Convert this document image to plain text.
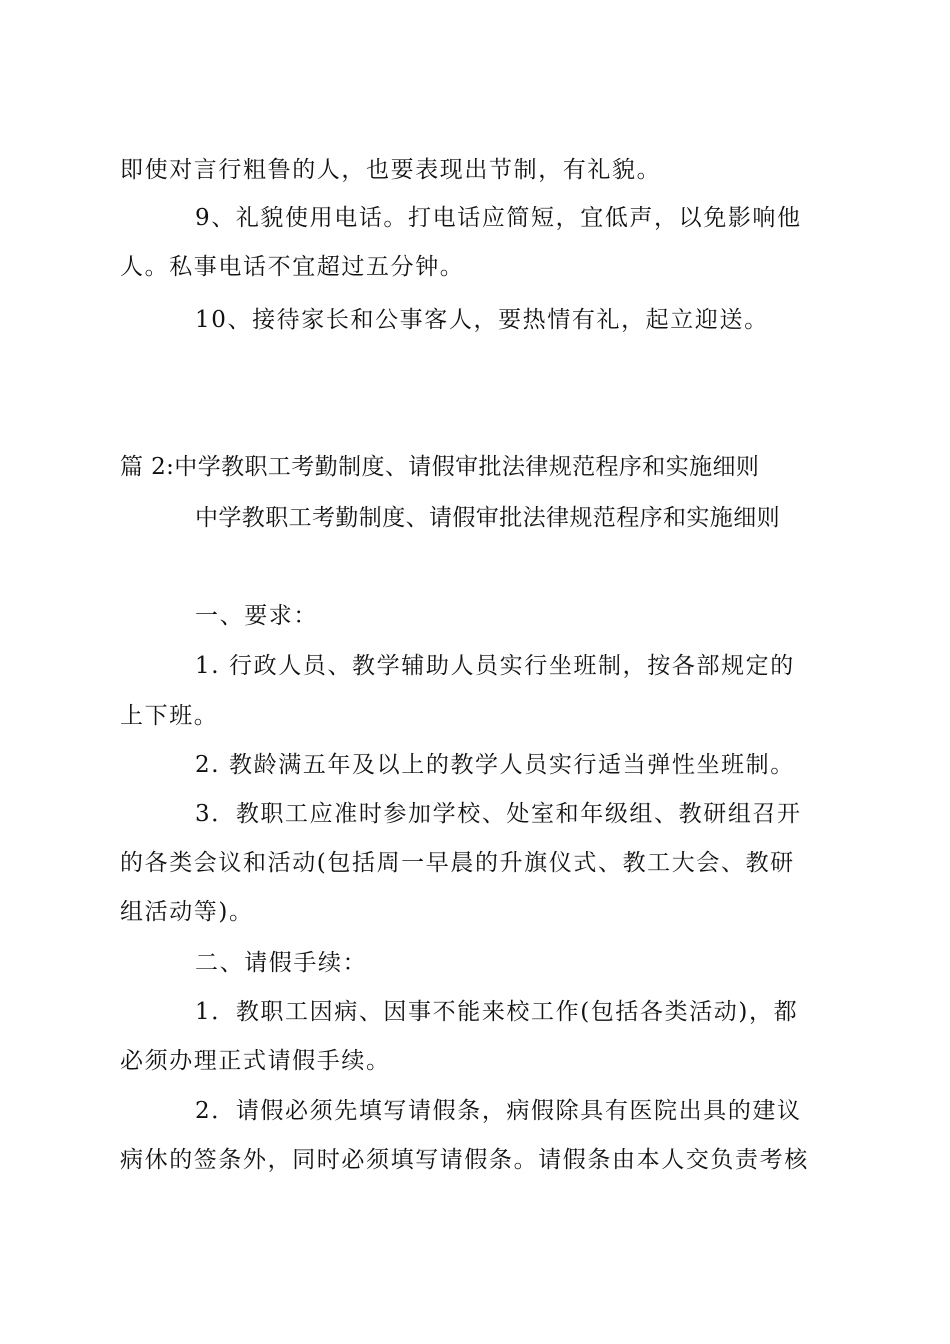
即使对言行粗鲁的人，也要表现出节制，有礼貌。
9、礼貌使用电话。打电话应简短，宜低声，以免影响他
人。私事电话不宜超过五分钟。
10、接待家长和公事客人，要热情有礼，起立迎送。
篇 2:中学教职工考勤制度、请假审批法律规范程序和实施细则
中学教职工考勤制度、请假审批法律规范程序和实施细则
一、要求：
1. 行政人员、教学辅助人员实行坐班制，按各部规定的
上下班。
2. 教龄满五年及以上的教学人员实行适当弹性坐班制。
3．教职工应准时参加学校、处室和年级组、教研组召开
的各类会议和活动(包括周一早晨的升旗仪式、教工大会、教研
组活动等)。
二、请假手续：
1．教职工因病、因事不能来校工作(包括各类活动)，都
必须办理正式请假手续。
2．请假必须先填写请假条，病假除具有医院出具的建议
病休的签条外，同时必须填写请假条。请假条由本人交负责考核
